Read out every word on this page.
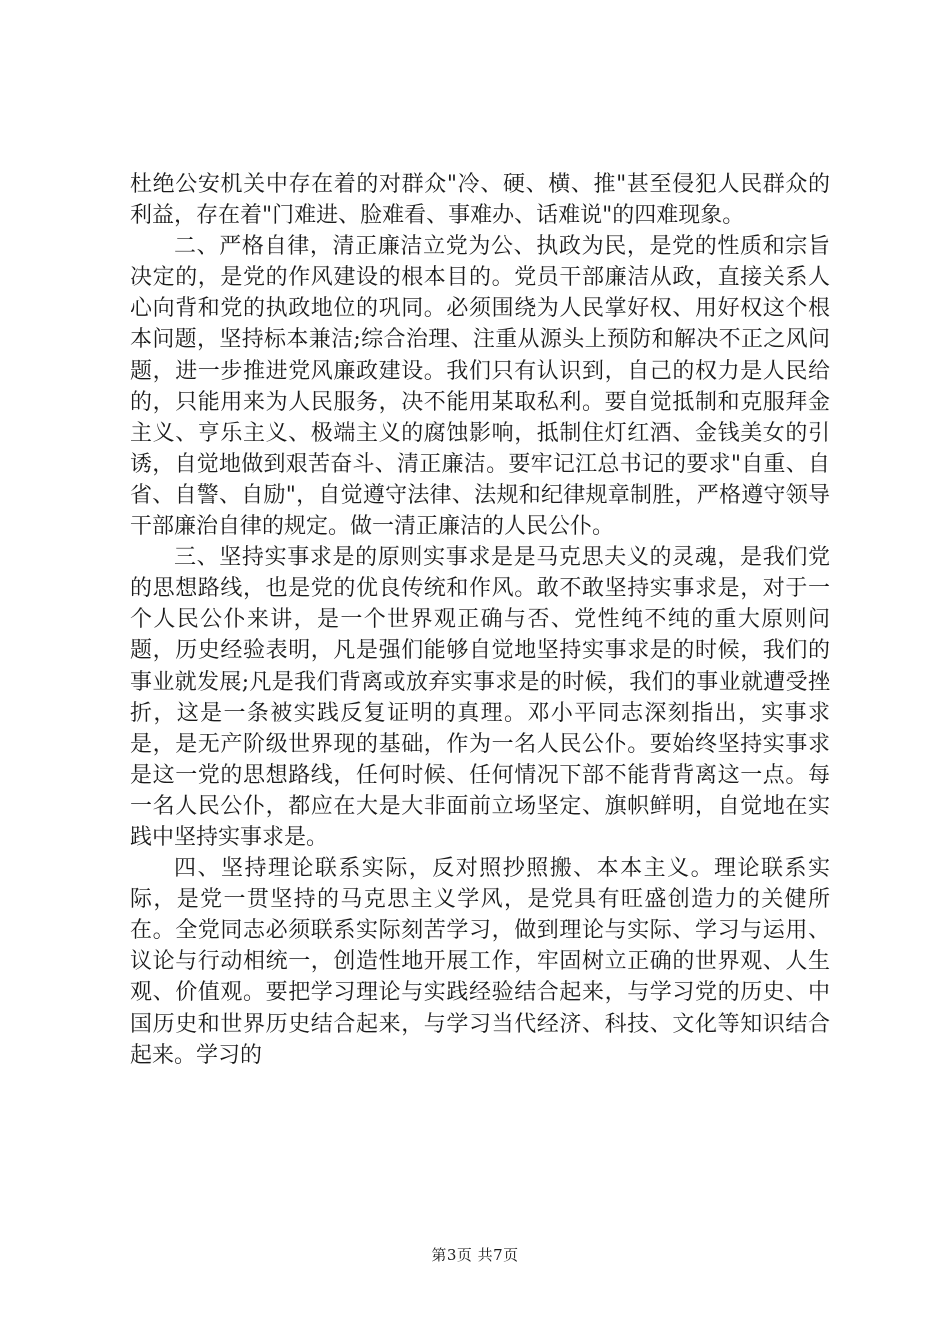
杜绝公安机关中存在着的对群众"冷、硬、横、推"甚至侵犯人民群众的利益，存在着"门难进、脸难看、事难办、话难说"的四难现象。

二、严格自律，清正廉洁立党为公、执政为民，是党的性质和宗旨决定的，是党的作风建设的根本目的。党员干部廉洁从政，直接关系人心向背和党的执政地位的巩同。必须围绕为人民掌好权、用好权这个根本问题，坚持标本兼洁;综合治理、注重从源头上预防和解决不正之风问题，进一步推进党风廉政建设。我们只有认识到，自己的权力是人民给的，只能用来为人民服务，决不能用某取私利。要自觉抵制和克服拜金主义、亨乐主义、极端主义的腐蚀影响，抵制住灯红酒、金钱美女的引诱，自觉地做到艰苦奋斗、清正廉洁。要牢记江总书记的要求"自重、自省、自警、自励"，自觉遵守法律、法规和纪律规章制胜，严格遵守领导干部廉治自律的规定。做一清正廉洁的人民公仆。

三、坚持实事求是的原则实事求是是马克思夫义的灵魂，是我们党的思想路线，也是党的优良传统和作风。敢不敢坚持实事求是，对于一个人民公仆来讲，是一个世界观正确与否、党性纯不纯的重大原则问题，历史经验表明，凡是强们能够自觉地坚持实事求是的时候，我们的事业就发展;凡是我们背离或放弃实事求是的时候，我们的事业就遭受挫折，这是一条被实践反复证明的真理。邓小平同志深刻指出，实事求是，是无产阶级世界现的基础，作为一名人民公仆。要始终坚持实事求是这一党的思想路线，任何时候、任何情况下部不能背背离这一点。每一名人民公仆，都应在大是大非面前立场坚定、旗帜鲜明，自觉地在实践中坚持实事求是。

四、坚持理论联系实际，反对照抄照搬、本本主义。理论联系实际，是党一贯坚持的马克思主义学风，是党具有旺盛创造力的关健所在。全党同志必须联系实际刻苦学习，做到理论与实际、学习与运用、议论与行动相统一，创造性地开展工作，牢固树立正确的世界观、人生观、价值观。要把学习理论与实践经验结合起来，与学习党的历史、中国历史和世界历史结合起来，与学习当代经济、科技、文化等知识结合起来。学习的

第3页 共7页
